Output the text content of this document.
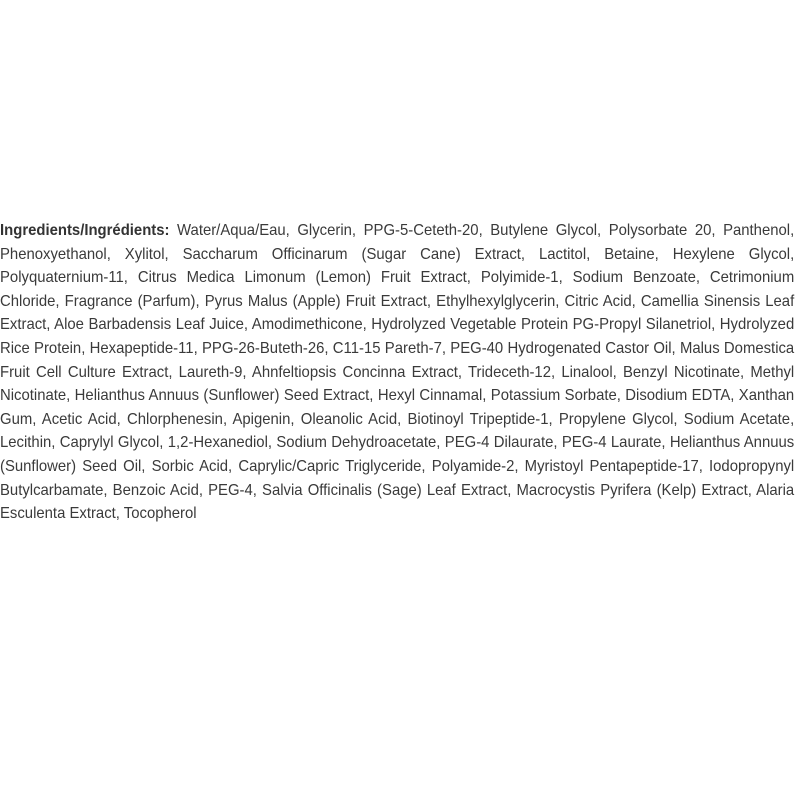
Ingredients/Ingrédients: Water/Aqua/Eau, Glycerin, PPG-5-Ceteth-20, Butylene Glycol, Polysorbate 20, Panthenol, Phenoxyethanol, Xylitol, Saccharum Officinarum (Sugar Cane) Extract, Lactitol, Betaine, Hexylene Glycol, Polyquaternium-11, Citrus Medica Limonum (Lemon) Fruit Extract, Polyimide-1, Sodium Benzoate, Cetrimonium Chloride, Fragrance (Parfum), Pyrus Malus (Apple) Fruit Extract, Ethylhexylglycerin, Citric Acid, Camellia Sinensis Leaf Extract, Aloe Barbadensis Leaf Juice, Amodimethicone, Hydrolyzed Vegetable Protein PG-Propyl Silanetriol, Hydrolyzed Rice Protein, Hexapeptide-11, PPG-26-Buteth-26, C11-15 Pareth-7, PEG-40 Hydrogenated Castor Oil, Malus Domestica Fruit Cell Culture Extract, Laureth-9, Ahnfeltiopsis Concinna Extract, Trideceth-12, Linalool, Benzyl Nicotinate, Methyl Nicotinate, Helianthus Annuus (Sunflower) Seed Extract, Hexyl Cinnamal, Potassium Sorbate, Disodium EDTA, Xanthan Gum, Acetic Acid, Chlorphenesin, Apigenin, Oleanolic Acid, Biotinoyl Tripeptide-1, Propylene Glycol, Sodium Acetate, Lecithin, Caprylyl Glycol, 1,2-Hexanediol, Sodium Dehydroacetate, PEG-4 Dilaurate, PEG-4 Laurate, Helianthus Annuus (Sunflower) Seed Oil, Sorbic Acid, Caprylic/Capric Triglyceride, Polyamide-2, Myristoyl Pentapeptide-17, Iodopropynyl Butylcarbamate, Benzoic Acid, PEG-4, Salvia Officinalis (Sage) Leaf Extract, Macrocystis Pyrifera (Kelp) Extract, Alaria Esculenta Extract, Tocopherol
